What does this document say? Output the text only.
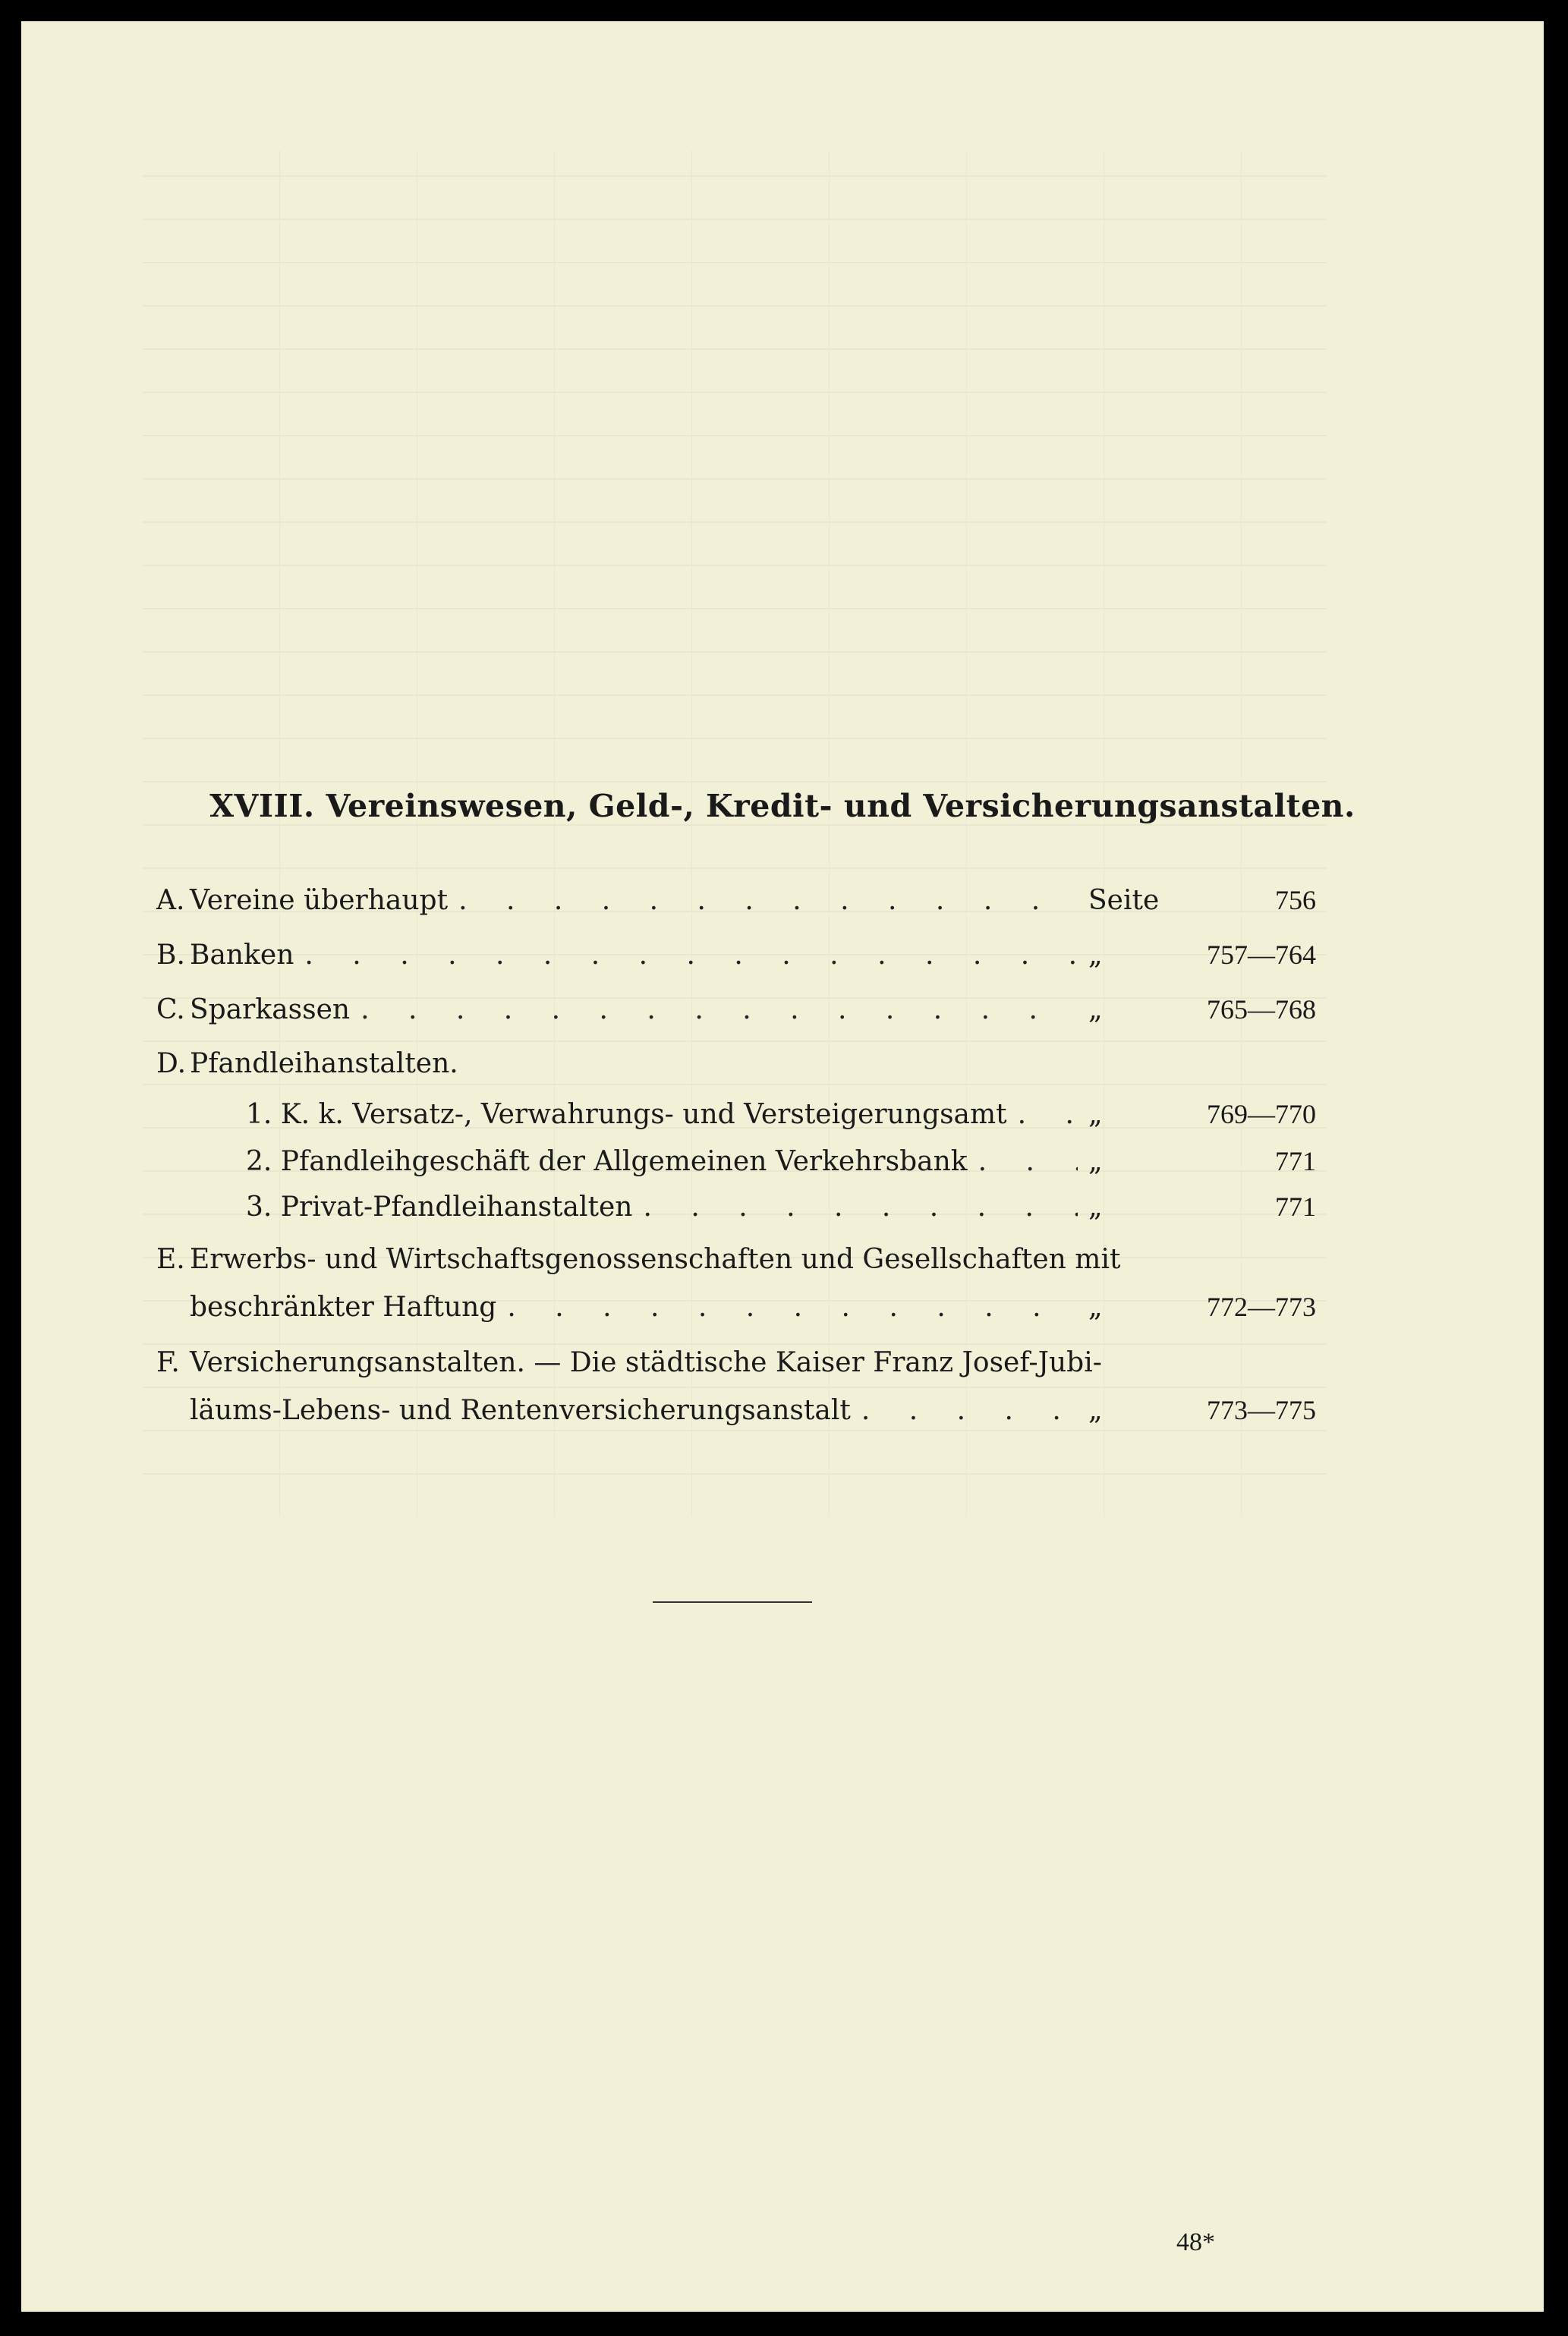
XVIII. Vereinswesen, Geld-, Kredit- und Versicherungsanstalten.
A. Vereine überhaupt . . .	Seite	756
B. Banken . . .	„	757—764
C. Sparkassen . . .	„	765—768
D. Pfandleihanstalten.
1. K. k. Versatz-, Verwahrungs- und Versteigerungsamt . . .	„	769—770
2. Pfandleihgeschäft der Allgemeinen Verkehrsbank . . .	„	771
3. Privat-Pfandleihanstalten . . .	„	771
E. Erwerbs- und Wirtschaftsgenossenschaften und Gesellschaften mit
beschränkter Haftung . . .	„	772—773
F. Versicherungsanstalten. — Die städtische Kaiser Franz Josef-Jubi-
läums-Lebens- und Rentenversicherungsanstalt . . .	„	773—775
48*
